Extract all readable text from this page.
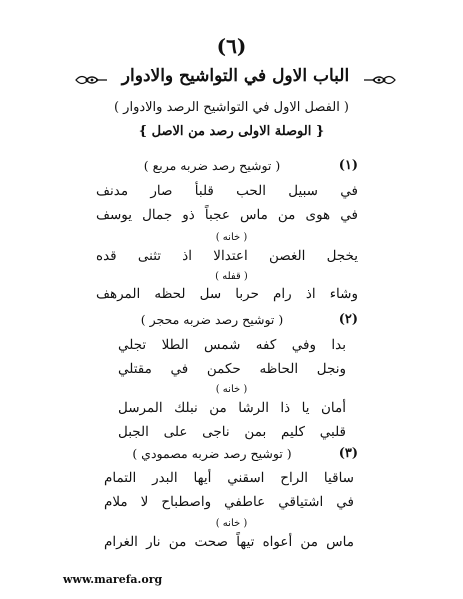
(٦)
الباب الاول في التواشيح والادوار
( الفصل الاول في التواشيح الرصد والادوار )
{ الوصلة الاولى رصد من الاصل }
(١)
( توشيح رصد ضربه مربع )
في سبيل الحب قلبأ صار مدنف
في هوى من ماس عجباً ذو جمال يوسف
( خانه )
يخجل الغصن اعتدالا اذ تثنى قده
( قفله )
وشاء اذ رام حربا سل لحظه المرهف
(٢)
( توشيح رصد ضربه محجر )
بدا وفي كفه شمس الطلا تجلي
ونجل الحاظه حكمن في مقتلي
( خانه )
أمان يا ذا الرشا من نبلك المرسل
قلبي كليم بمن ناجى على الجبل
(٣)
( توشيح رصد ضربه مصمودي )
ساقيا الراح اسقني أيها البدر التمام
في اشتياقي عاطفي واصطباح لا ملام
( خانه )
ماس من أعواه تيهاً صحت من نار الغرام
www.marefa.org
